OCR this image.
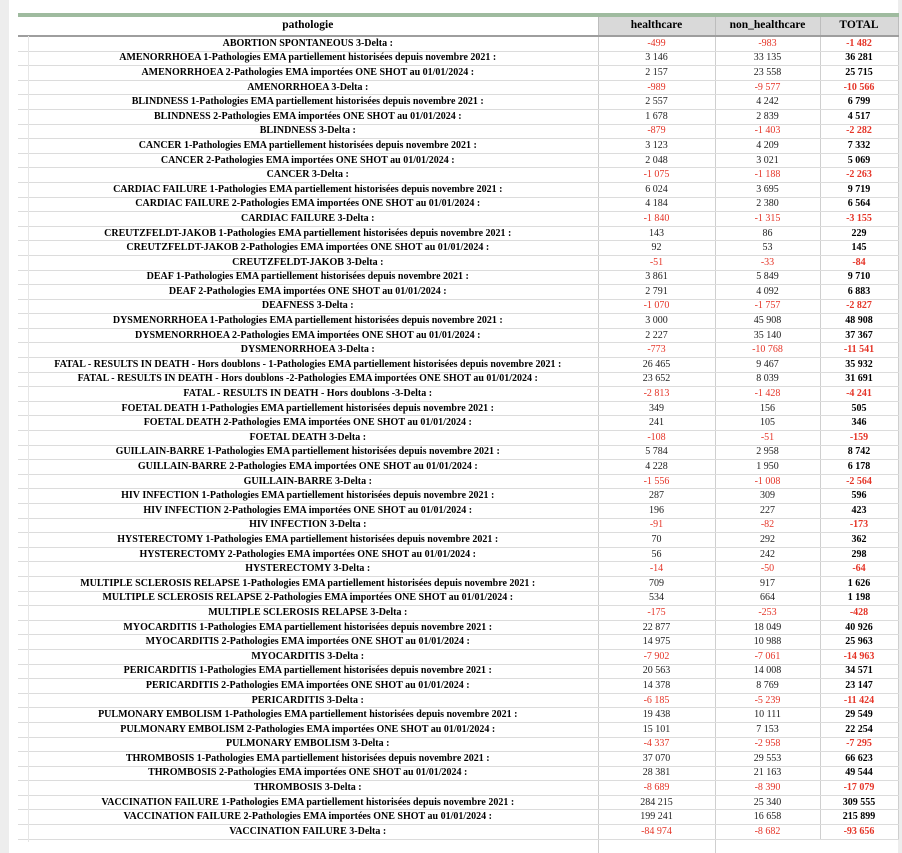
pathologie	healthcare	non_healthcare	TOTAL
ABORTION SPONTANEOUS 3-Delta :	-499	-983	-1 482
AMENORRHOEA 1-Pathologies EMA partiellement historisées depuis novembre 2021 :	3 146	33 135	36 281
AMENORRHOEA 2-Pathologies EMA importées ONE SHOT au 01/01/2024 :	2 157	23 558	25 715
AMENORRHOEA 3-Delta :	-989	-9 577	-10 566
BLINDNESS 1-Pathologies EMA partiellement historisées depuis novembre 2021 :	2 557	4 242	6 799
BLINDNESS 2-Pathologies EMA importées ONE SHOT au 01/01/2024 :	1 678	2 839	4 517
BLINDNESS 3-Delta :	-879	-1 403	-2 282
CANCER 1-Pathologies EMA partiellement historisées depuis novembre 2021 :	3 123	4 209	7 332
CANCER 2-Pathologies EMA importées ONE SHOT au 01/01/2024 :	2 048	3 021	5 069
CANCER 3-Delta :	-1 075	-1 188	-2 263
CARDIAC FAILURE 1-Pathologies EMA partiellement historisées depuis novembre 2021 :	6 024	3 695	9 719
CARDIAC FAILURE 2-Pathologies EMA importées ONE SHOT au 01/01/2024 :	4 184	2 380	6 564
CARDIAC FAILURE 3-Delta :	-1 840	-1 315	-3 155
CREUTZFELDT-JAKOB 1-Pathologies EMA partiellement historisées depuis novembre 2021 :	143	86	229
CREUTZFELDT-JAKOB 2-Pathologies EMA importées ONE SHOT au 01/01/2024 :	92	53	145
CREUTZFELDT-JAKOB 3-Delta :	-51	-33	-84
DEAF 1-Pathologies EMA partiellement historisées depuis novembre 2021 :	3 861	5 849	9 710
DEAF 2-Pathologies EMA importées ONE SHOT au 01/01/2024 :	2 791	4 092	6 883
DEAFNESS 3-Delta :	-1 070	-1 757	-2 827
DYSMENORRHOEA 1-Pathologies EMA partiellement historisées depuis novembre 2021 :	3 000	45 908	48 908
DYSMENORRHOEA 2-Pathologies EMA importées ONE SHOT au 01/01/2024 :	2 227	35 140	37 367
DYSMENORRHOEA 3-Delta :	-773	-10 768	-11 541
FATAL - RESULTS IN DEATH - Hors doublons - 1-Pathologies EMA partiellement historisées depuis novembre 2021 :	26 465	9 467	35 932
FATAL - RESULTS IN DEATH - Hors doublons -2-Pathologies EMA importées ONE SHOT au 01/01/2024 :	23 652	8 039	31 691
FATAL - RESULTS IN DEATH - Hors doublons -3-Delta :	-2 813	-1 428	-4 241
FOETAL DEATH 1-Pathologies EMA partiellement historisées depuis novembre 2021 :	349	156	505
FOETAL DEATH 2-Pathologies EMA importées ONE SHOT au 01/01/2024 :	241	105	346
FOETAL DEATH 3-Delta :	-108	-51	-159
GUILLAIN-BARRE 1-Pathologies EMA partiellement historisées depuis novembre 2021 :	5 784	2 958	8 742
GUILLAIN-BARRE 2-Pathologies EMA importées ONE SHOT au 01/01/2024 :	4 228	1 950	6 178
GUILLAIN-BARRE 3-Delta :	-1 556	-1 008	-2 564
HIV INFECTION 1-Pathologies EMA partiellement historisées depuis novembre 2021 :	287	309	596
HIV INFECTION 2-Pathologies EMA importées ONE SHOT au 01/01/2024 :	196	227	423
HIV INFECTION 3-Delta :	-91	-82	-173
HYSTERECTOMY 1-Pathologies EMA partiellement historisées depuis novembre 2021 :	70	292	362
HYSTERECTOMY 2-Pathologies EMA importées ONE SHOT au 01/01/2024 :	56	242	298
HYSTERECTOMY 3-Delta :	-14	-50	-64
MULTIPLE SCLEROSIS RELAPSE 1-Pathologies EMA partiellement historisées depuis novembre 2021 :	709	917	1 626
MULTIPLE SCLEROSIS RELAPSE 2-Pathologies EMA importées ONE SHOT au 01/01/2024 :	534	664	1 198
MULTIPLE SCLEROSIS RELAPSE 3-Delta :	-175	-253	-428
MYOCARDITIS 1-Pathologies EMA partiellement historisées depuis novembre 2021 :	22 877	18 049	40 926
MYOCARDITIS 2-Pathologies EMA importées ONE SHOT au 01/01/2024 :	14 975	10 988	25 963
MYOCARDITIS 3-Delta :	-7 902	-7 061	-14 963
PERICARDITIS 1-Pathologies EMA partiellement historisées depuis novembre 2021 :	20 563	14 008	34 571
PERICARDITIS 2-Pathologies EMA importées ONE SHOT au 01/01/2024 :	14 378	8 769	23 147
PERICARDITIS 3-Delta :	-6 185	-5 239	-11 424
PULMONARY EMBOLISM 1-Pathologies EMA partiellement historisées depuis novembre 2021 :	19 438	10 111	29 549
PULMONARY EMBOLISM 2-Pathologies EMA importées ONE SHOT au 01/01/2024 :	15 101	7 153	22 254
PULMONARY EMBOLISM 3-Delta :	-4 337	-2 958	-7 295
THROMBOSIS 1-Pathologies EMA partiellement historisées depuis novembre 2021 :	37 070	29 553	66 623
THROMBOSIS 2-Pathologies EMA importées ONE SHOT au 01/01/2024 :	28 381	21 163	49 544
THROMBOSIS 3-Delta :	-8 689	-8 390	-17 079
VACCINATION FAILURE 1-Pathologies EMA partiellement historisées depuis novembre 2021 :	284 215	25 340	309 555
VACCINATION FAILURE 2-Pathologies EMA importées ONE SHOT au 01/01/2024 :	199 241	16 658	215 899
VACCINATION FAILURE 3-Delta :	-84 974	-8 682	-93 656
